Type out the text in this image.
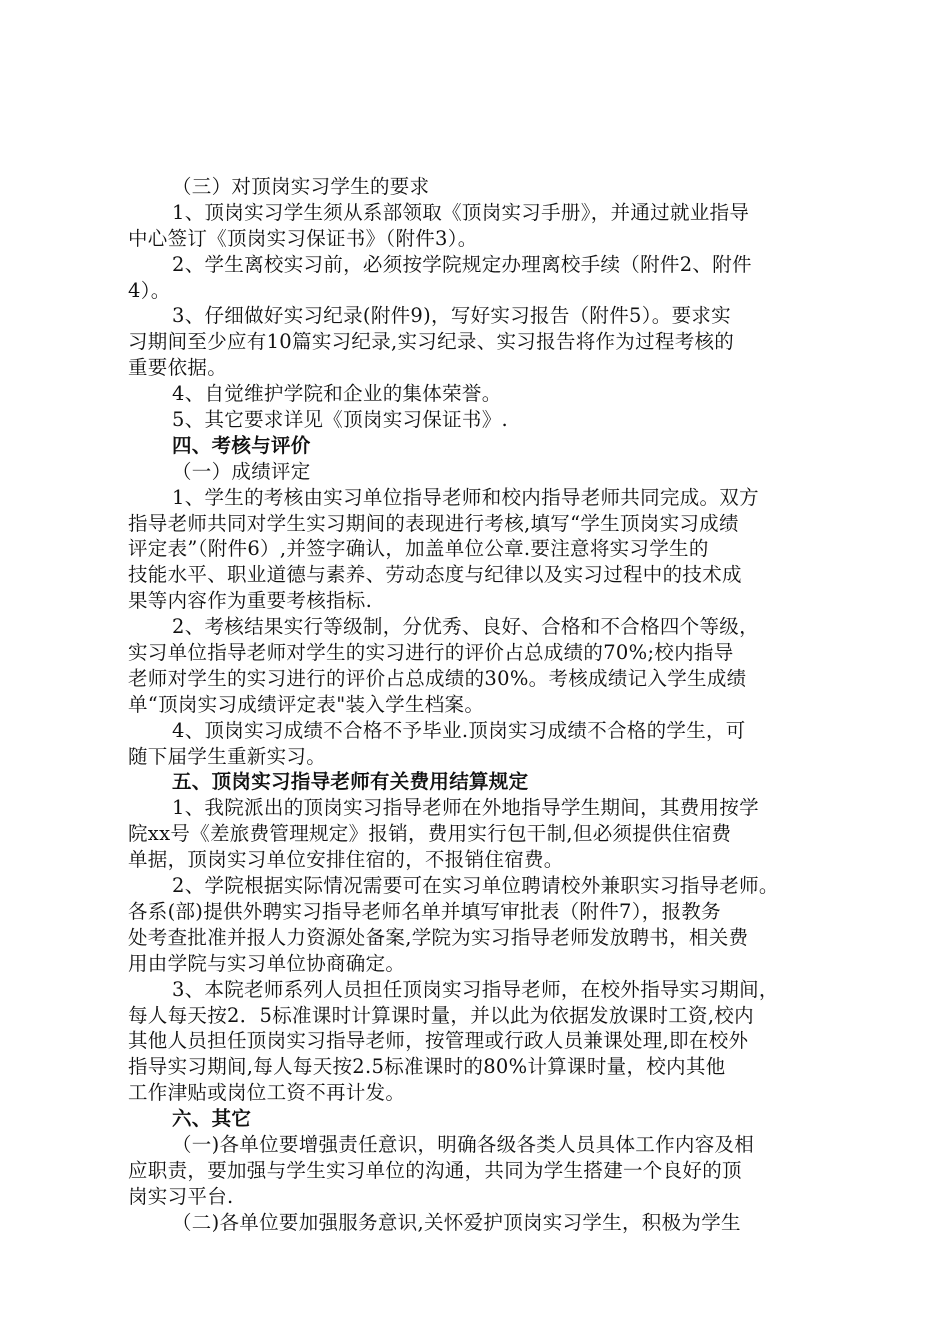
（三）对顶岗实习学生的要求
1、顶岗实习学生须从系部领取《顶岗实习手册》，并通过就业指导
中心签订《顶岗实习保证书》（附件3）。
2、学生离校实习前，必须按学院规定办理离校手续（附件2、附件
4）。
3、仔细做好实习纪录(附件9)，写好实习报告（附件5）。要求实
习期间至少应有10篇实习纪录,实习纪录、实习报告将作为过程考核的
重要依据。
4、自觉维护学院和企业的集体荣誉。
5、其它要求详见《顶岗实习保证书》.
四、考核与评价
（一）成绩评定
1、学生的考核由实习单位指导老师和校内指导老师共同完成。双方
指导老师共同对学生实习期间的表现进行考核,填写“学生顶岗实习成绩
评定表”（附件6）,并签字确认，加盖单位公章.要注意将实习学生的
技能水平、职业道德与素养、劳动态度与纪律以及实习过程中的技术成
果等内容作为重要考核指标.
2、考核结果实行等级制，分优秀、良好、合格和不合格四个等级，
实习单位指导老师对学生的实习进行的评价占总成绩的70%;校内指导
老师对学生的实习进行的评价占总成绩的30%。考核成绩记入学生成绩
单“顶岗实习成绩评定表"装入学生档案。
4、顶岗实习成绩不合格不予毕业.顶岗实习成绩不合格的学生，可
随下届学生重新实习。
五、顶岗实习指导老师有关费用结算规定
1、我院派出的顶岗实习指导老师在外地指导学生期间，其费用按学
院xx号《差旅费管理规定》报销，费用实行包干制,但必须提供住宿费
单据，顶岗实习单位安排住宿的，不报销住宿费。
2、学院根据实际情况需要可在实习单位聘请校外兼职实习指导老师。
各系(部)提供外聘实习指导老师名单并填写审批表（附件7），报教务
处考查批准并报人力资源处备案,学院为实习指导老师发放聘书，相关费
用由学院与实习单位协商确定。
3、本院老师系列人员担任顶岗实习指导老师，在校外指导实习期间，
每人每天按2．5标准课时计算课时量，并以此为依据发放课时工资,校内
其他人员担任顶岗实习指导老师，按管理或行政人员兼课处理,即在校外
指导实习期间,每人每天按2.5标准课时的80%计算课时量，校内其他
工作津贴或岗位工资不再计发。
六、其它
（一)各单位要增强责任意识，明确各级各类人员具体工作内容及相
应职责，要加强与学生实习单位的沟通，共同为学生搭建一个良好的顶
岗实习平台.
（二)各单位要加强服务意识,关怀爱护顶岗实习学生，积极为学生
